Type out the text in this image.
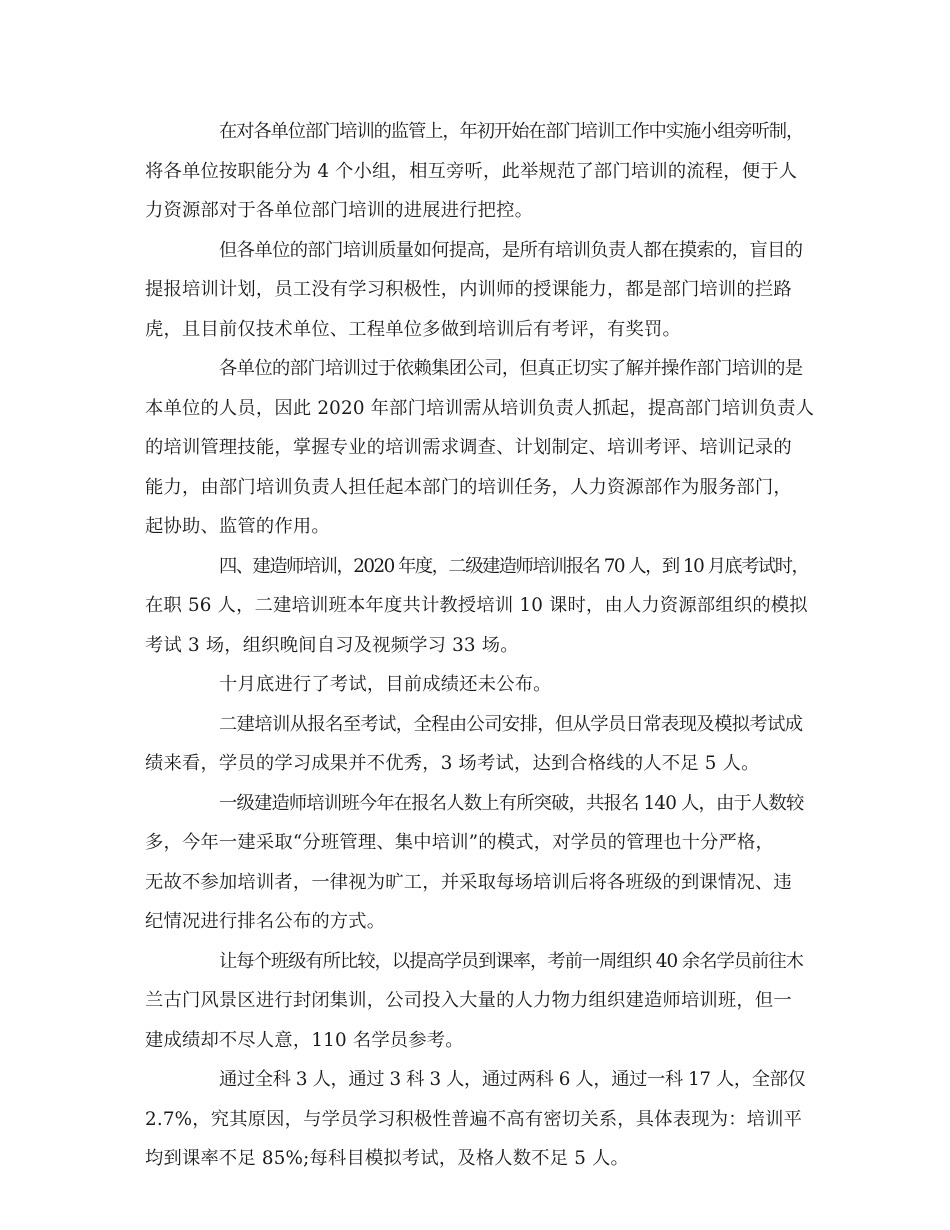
在对各单位部门培训的监管上，年初开始在部门培训工作中实施小组旁听制，
将各单位按职能分为 4 个小组，相互旁听，此举规范了部门培训的流程，便于人
力资源部对于各单位部门培训的进展进行把控。
但各单位的部门培训质量如何提高，是所有培训负责人都在摸索的，盲目的
提报培训计划，员工没有学习积极性，内训师的授课能力，都是部门培训的拦路
虎，且目前仅技术单位、工程单位多做到培训后有考评，有奖罚。
各单位的部门培训过于依赖集团公司，但真正切实了解并操作部门培训的是
本单位的人员，因此 2020 年部门培训需从培训负责人抓起，提高部门培训负责人
的培训管理技能，掌握专业的培训需求调查、计划制定、培训考评、培训记录的
能力，由部门培训负责人担任起本部门的培训任务，人力资源部作为服务部门，
起协助、监管的作用。
四、建造师培训，2020 年度，二级建造师培训报名 70 人，到 10 月底考试时，
在职 56 人，二建培训班本年度共计教授培训 10 课时，由人力资源部组织的模拟
考试 3 场，组织晚间自习及视频学习 33 场。
十月底进行了考试，目前成绩还未公布。
二建培训从报名至考试，全程由公司安排，但从学员日常表现及模拟考试成
绩来看，学员的学习成果并不优秀，3 场考试，达到合格线的人不足 5 人。
一级建造师培训班今年在报名人数上有所突破，共报名 140 人，由于人数较
多，今年一建采取“分班管理、集中培训”的模式，对学员的管理也十分严格，
无故不参加培训者，一律视为旷工，并采取每场培训后将各班级的到课情况、违
纪情况进行排名公布的方式。
让每个班级有所比较，以提高学员到课率，考前一周组织 40 余名学员前往木
兰古门风景区进行封闭集训，公司投入大量的人力物力组织建造师培训班，但一
建成绩却不尽人意，110 名学员参考。
通过全科 3 人，通过 3 科 3 人，通过两科 6 人，通过一科 17 人，全部仅
2.7%，究其原因，与学员学习积极性普遍不高有密切关系，具体表现为：培训平
均到课率不足 85%;每科目模拟考试，及格人数不足 5 人。
